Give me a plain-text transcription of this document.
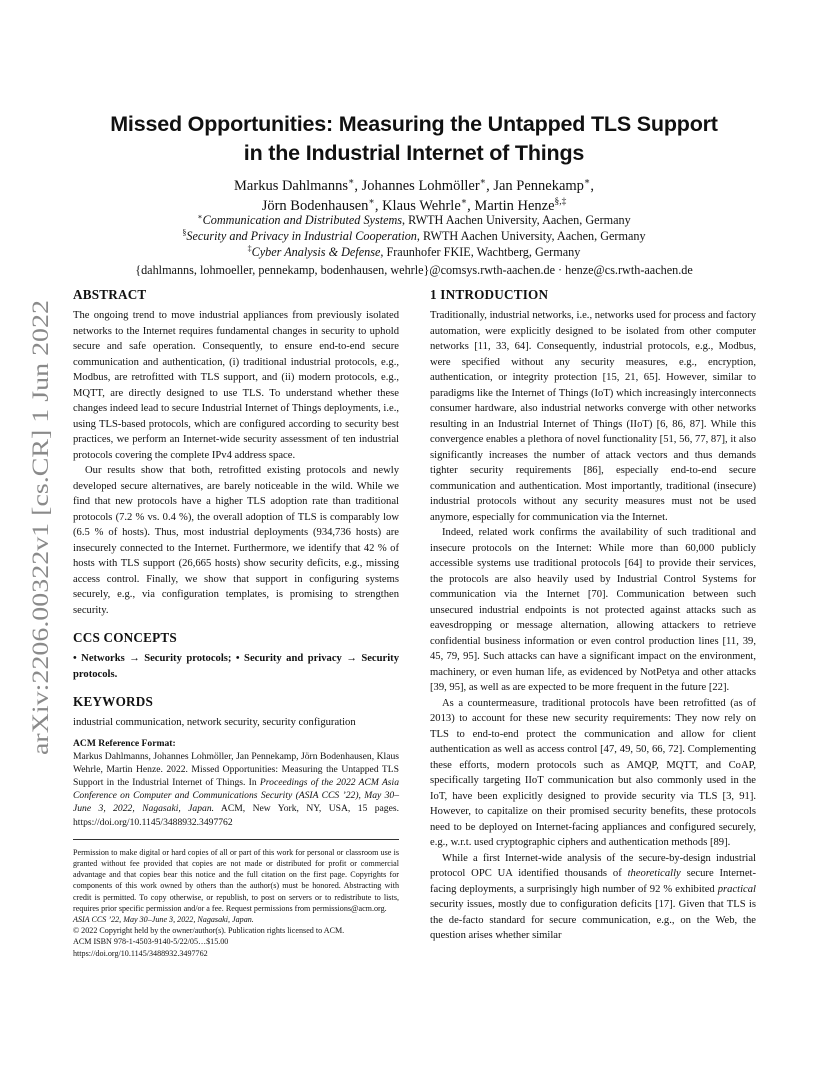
Missed Opportunities: Measuring the Untapped TLS Support
in the Industrial Internet of Things
Markus Dahlmanns∗, Johannes Lohmöller∗, Jan Pennekamp∗,
Jörn Bodenhausen∗, Klaus Wehrle∗, Martin Henze§,‡
∗Communication and Distributed Systems, RWTH Aachen University, Aachen, Germany
§Security and Privacy in Industrial Cooperation, RWTH Aachen University, Aachen, Germany
‡Cyber Analysis & Defense, Fraunhofer FKIE, Wachtberg, Germany
{dahlmanns, lohmoeller, pennekamp, bodenhausen, wehrle}@comsys.rwth-aachen.de · henze@cs.rwth-aachen.de
arXiv:2206.00322v1 [cs.CR] 1 Jun 2022
ABSTRACT

The ongoing trend to move industrial appliances from previously isolated networks to the Internet requires fundamental changes in security to uphold secure and safe operation. Consequently, to ensure end-to-end secure communication and authentication, (i) traditional industrial protocols, e.g., Modbus, are retrofitted with TLS support, and (ii) modern protocols, e.g., MQTT, are directly designed to use TLS. To understand whether these changes indeed lead to secure Industrial Internet of Things deployments, i.e., using TLS-based protocols, which are configured according to security best practices, we perform an Internet-wide security assessment of ten industrial protocols covering the complete IPv4 address space.

Our results show that both, retrofitted existing protocols and newly developed secure alternatives, are barely noticeable in the wild. While we find that new protocols have a higher TLS adoption rate than traditional protocols (7.2 % vs. 0.4 %), the overall adoption of TLS is comparably low (6.5 % of hosts). Thus, most industrial deployments (934,736 hosts) are insecurely connected to the Internet. Furthermore, we identify that 42 % of hosts with TLS support (26,665 hosts) show security deficits, e.g., missing access control. Finally, we show that support in configuring systems securely, e.g., via configuration templates, is promising to strengthen security.

CCS CONCEPTS

• Networks → Security protocols; • Security and privacy → Security protocols.

KEYWORDS

industrial communication, network security, security configuration

ACM Reference Format:
Markus Dahlmanns, Johannes Lohmöller, Jan Pennekamp, Jörn Bodenhausen, Klaus Wehrle, Martin Henze. 2022. Missed Opportunities: Measuring the Untapped TLS Support in the Industrial Internet of Things. In Proceedings of the 2022 ACM Asia Conference on Computer and Communications Security (ASIA CCS ’22), May 30–June 3, 2022, Nagasaki, Japan. ACM, New York, NY, USA, 15 pages. https://doi.org/10.1145/3488932.3497762
Permission to make digital or hard copies of all or part of this work for personal or classroom use is granted without fee provided that copies are not made or distributed for profit or commercial advantage and that copies bear this notice and the full citation on the first page. Copyrights for components of this work owned by others than the author(s) must be honored. Abstracting with credit is permitted. To copy otherwise, or republish, to post on servers or to redistribute to lists, requires prior specific permission and/or a fee. Request permissions from permissions@acm.org.
ASIA CCS ’22, May 30–June 3, 2022, Nagasaki, Japan.
© 2022 Copyright held by the owner/author(s). Publication rights licensed to ACM.
ACM ISBN 978-1-4503-9140-5/22/05…$15.00
https://doi.org/10.1145/3488932.3497762
1 INTRODUCTION

Traditionally, industrial networks, i.e., networks used for process and factory automation, were explicitly designed to be isolated from other computer networks [11, 33, 64]. Consequently, industrial protocols, e.g., Modbus, were specified without any security measures, e.g., encryption, authentication, or integrity protection [15, 21, 65]. However, similar to paradigms like the Internet of Things (IoT) which increasingly interconnects consumer hardware, also industrial networks converge with other networks resulting in an Industrial Internet of Things (IIoT) [6, 86, 87]. While this convergence enables a plethora of novel functionality [51, 56, 77, 87], it also significantly increases the number of attack vectors and thus demands tighter security requirements [86], especially end-to-end secure communication and authentication. Most importantly, traditional (insecure) industrial protocols without any security measures must not be used anymore, especially for communication via the Internet.

Indeed, related work confirms the availability of such traditional and insecure protocols on the Internet: While more than 60,000 publicly accessible systems use traditional protocols [64] to provide their services, the protocols are also heavily used by Industrial Control Systems for communication via the Internet [70]. Communication between such unsecured industrial endpoints is not protected against attacks such as eavesdropping or message alternation, allowing attackers to retrieve confidential business information or even control production lines [11, 39, 45, 79, 95]. Such attacks can have a significant impact on the environment, machinery, or even human life, as evidenced by NotPetya and other attacks [39, 95], as well as are expected to be more frequent in the future [22].

As a countermeasure, traditional protocols have been retrofitted (as of 2013) to account for these new security requirements: They now rely on TLS to end-to-end protect the communication and allow for client authentication as well as access control [47, 49, 50, 66, 72]. Complementing these efforts, modern protocols such as AMQP, MQTT, and CoAP, specifically targeting IIoT communication but also commonly used in the IoT, have been explicitly designed to provide security via TLS [3, 91]. However, to capitalize on their promised security benefits, these protocols need to be deployed on Internet-facing appliances and configured securely, e.g., w.r.t. used cryptographic ciphers and authentication methods [89].

While a first Internet-wide analysis of the secure-by-design industrial protocol OPC UA identified thousands of theoretically secure Internet-facing deployments, a surprisingly high number of 92 % exhibited practical security issues, mostly due to configuration deficits [17]. Given that TLS is the de-facto standard for secure communication, e.g., on the Web, the question arises whether similar
